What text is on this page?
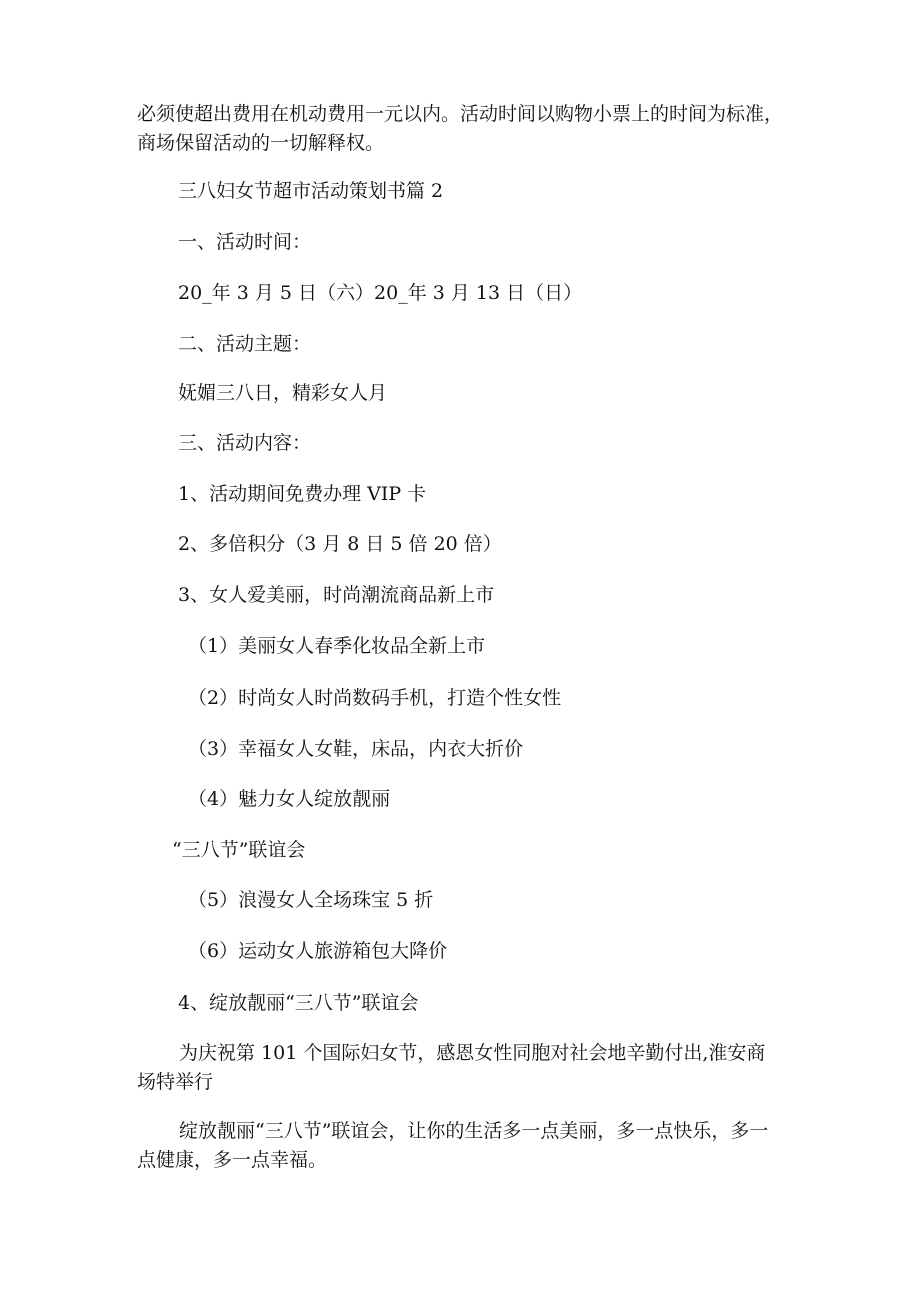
必须使超出费用在机动费用一元以内。活动时间以购物小票上的时间为标准，商场保留活动的一切解释权。
三八妇女节超市活动策划书篇 2
一、活动时间：
20_年 3 月 5 日（六）20_年 3 月 13 日（日）
二、活动主题：
妩媚三八日，精彩女人月
三、活动内容：
1、活动期间免费办理 VIP 卡
2、多倍积分（3 月 8 日 5 倍 20 倍）
3、女人爱美丽，时尚潮流商品新上市
（1）美丽女人春季化妆品全新上市
（2）时尚女人时尚数码手机，打造个性女性
（3）幸福女人女鞋，床品，内衣大折价
（4）魅力女人绽放靓丽
“三八节”联谊会
（5）浪漫女人全场珠宝 5 折
（6）运动女人旅游箱包大降价
4、绽放靓丽“三八节”联谊会
为庆祝第 101 个国际妇女节，感恩女性同胞对社会地辛勤付出,淮安商场特举行
绽放靓丽“三八节”联谊会，让你的生活多一点美丽，多一点快乐，多一点健康，多一点幸福。
